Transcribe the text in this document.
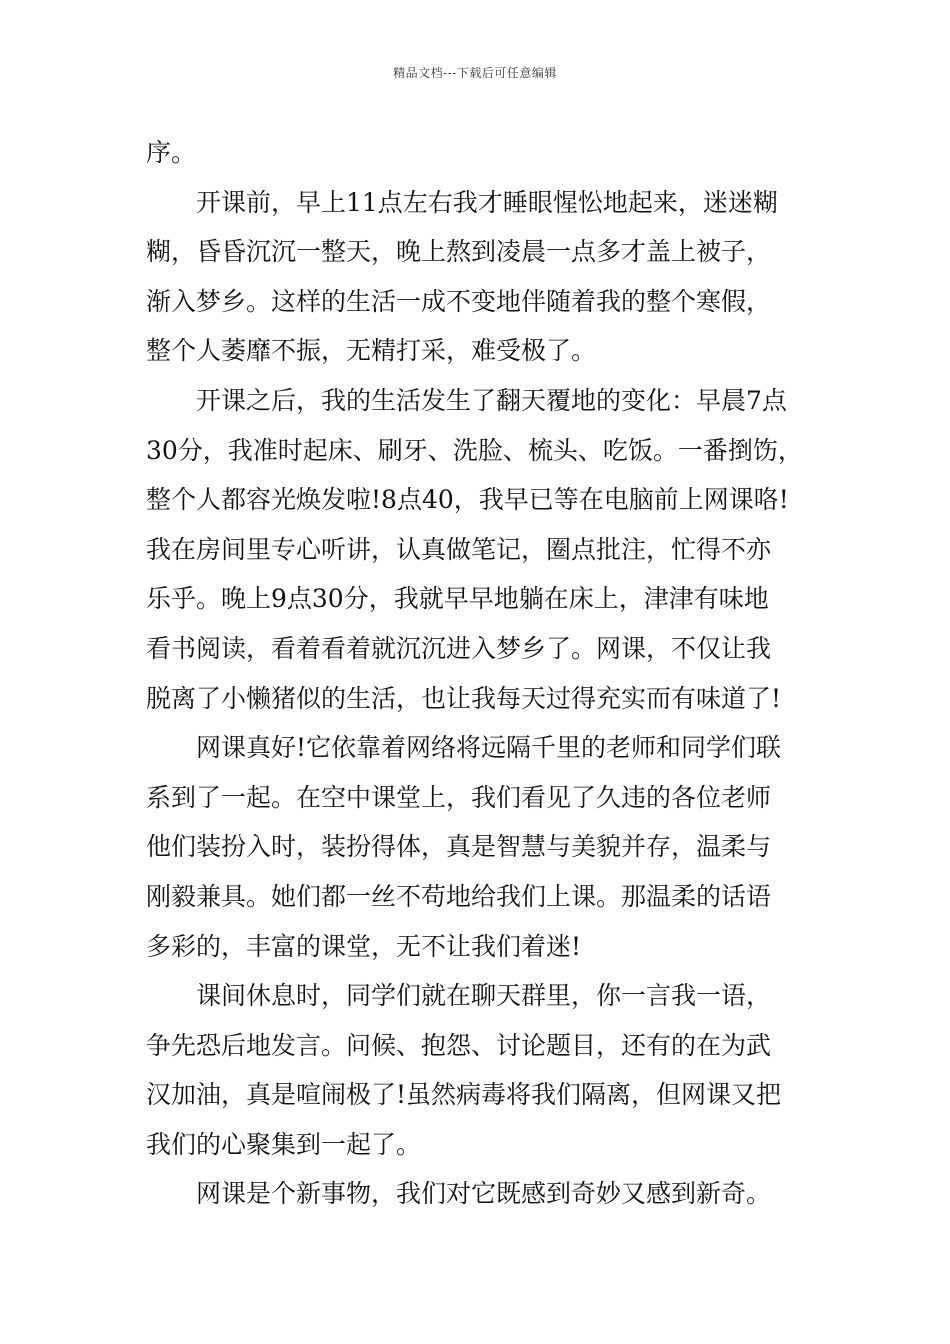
精品文档---下载后可任意编辑
序。
开课前，早上11点左右我才睡眼惺忪地起来，迷迷糊
糊，昏昏沉沉一整天，晚上熬到凌晨一点多才盖上被子，
渐入梦乡。这样的生活一成不变地伴随着我的整个寒假，
整个人萎靡不振，无精打采，难受极了。
开课之后，我的生活发生了翻天覆地的变化：早晨7点
30分，我准时起床、刷牙、洗脸、梳头、吃饭。一番捯饬，
整个人都容光焕发啦!8点40，我早已等在电脑前上网课咯!
我在房间里专心听讲，认真做笔记，圈点批注，忙得不亦
乐乎。晚上9点30分，我就早早地躺在床上，津津有味地
看书阅读，看着看着就沉沉进入梦乡了。网课，不仅让我
脱离了小懒猪似的生活，也让我每天过得充实而有味道了!
网课真好!它依靠着网络将远隔千里的老师和同学们联
系到了一起。在空中课堂上，我们看见了久违的各位老师
他们装扮入时，装扮得体，真是智慧与美貌并存，温柔与
刚毅兼具。她们都一丝不苟地给我们上课。那温柔的话语
多彩的，丰富的课堂，无不让我们着迷!
课间休息时，同学们就在聊天群里，你一言我一语，
争先恐后地发言。问候、抱怨、讨论题目，还有的在为武
汉加油，真是喧闹极了!虽然病毒将我们隔离，但网课又把
我们的心聚集到一起了。
网课是个新事物，我们对它既感到奇妙又感到新奇。
